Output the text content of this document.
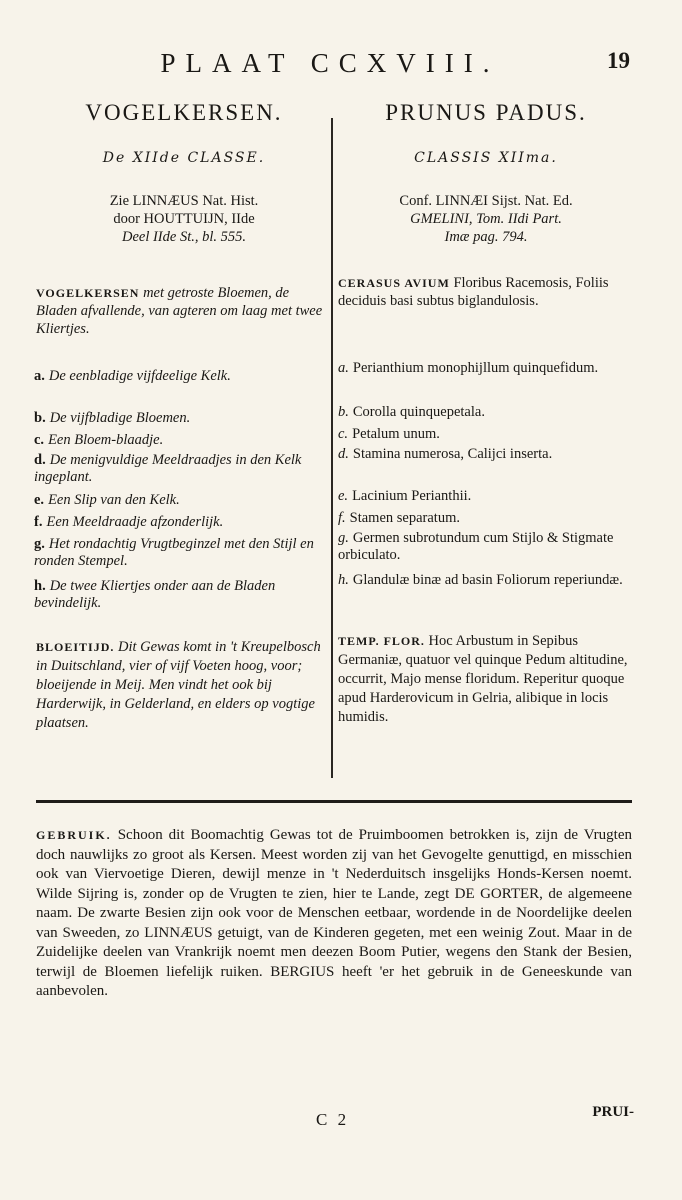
PLAAT CCXVIII.	19
VOGELKERSEN.
De XIIde CLASSE.
Zie LINNÆUS Nat. Hist.
door HOUTTUIJN, IIde
Deel IIde St., bl. 555.
VOGELKERSEN met getroste Bloemen, de Bladen afvallende, van agteren om laag met twee Kliertjes.
a. De eenbladige vijfdeelige Kelk.
b. De vijfbladige Bloemen.
c. Een Bloem-blaadje.
d. De menigvuldige Meeldraadjes in den Kelk ingeplant.
e. Een Slip van den Kelk.
f. Een Meeldraadje afzonderlijk.
g. Het rondachtig Vrugtbeginzel met den Stijl en ronden Stempel.
h. De twee Kliertjes onder aan de Bladen bevindelijk.
BLOEITIJD. Dit Gewas komt in 't Kreupelbosch in Duitschland, vier of vijf Voeten hoog, voor; bloeijende in Meij. Men vindt het ook bij Harderwijk, in Gelderland, en elders op vogtige plaatsen.
PRUNUS PADUS.
CLASSIS XIIma.
Conf. LINNÆI Sijst. Nat. Ed.
GMELINI, Tom. IIdi Part.
Imæ pag. 794.
CERASUS AVIUM Floribus Racemosis, Foliis deciduis basi subtus biglandulosis.
a. Perianthium monophijllum quinquefidum.
b. Corolla quinquepetala.
c. Petalum unum.
d. Stamina numerosa, Calijci inserta.
e. Lacinium Perianthii.
f. Stamen separatum.
g. Germen subrotundum cum Stijlo & Stigmate orbiculato.
h. Glandulæ binæ ad basin Foliorum reperiundæ.
TEMP. FLOR. Hoc Arbustum in Sepibus Germaniæ, quatuor vel quinque Pedum altitudine, occurrit, Majo mense floridum. Reperitur quoque apud Harderovicum in Gelria, alibique in locis humidis.
GEBRUIK. Schoon dit Boomachtig Gewas tot de Pruimboomen betrokken is, zijn de Vrugten doch nauwlijks zo groot als Kersen. Meest worden zij van het Gevogelte genuttigd, en misschien ook van Viervoetige Dieren, dewijl menze in 't Nederduitsch insgelijks Honds-Kersen noemt. Wilde Sijring is, zonder op de Vrugten te zien, hier te Lande, zegt DE GORTER, de algemeene naam. De zwarte Besien zijn ook voor de Menschen eetbaar, wordende in de Noordelijke deelen van Sweeden, zo LINNÆUS getuigt, van de Kinderen gegeten, met een weinig Zout. Maar in de Zuidelijke deelen van Vrankrijk noemt men deezen Boom Putier, wegens den Stank der Besien, terwijl de Bloemen liefelijk ruiken. BERGIUS heeft 'er het gebruik in de Geneeskunde van aanbevolen.
C 2	PRUI-
